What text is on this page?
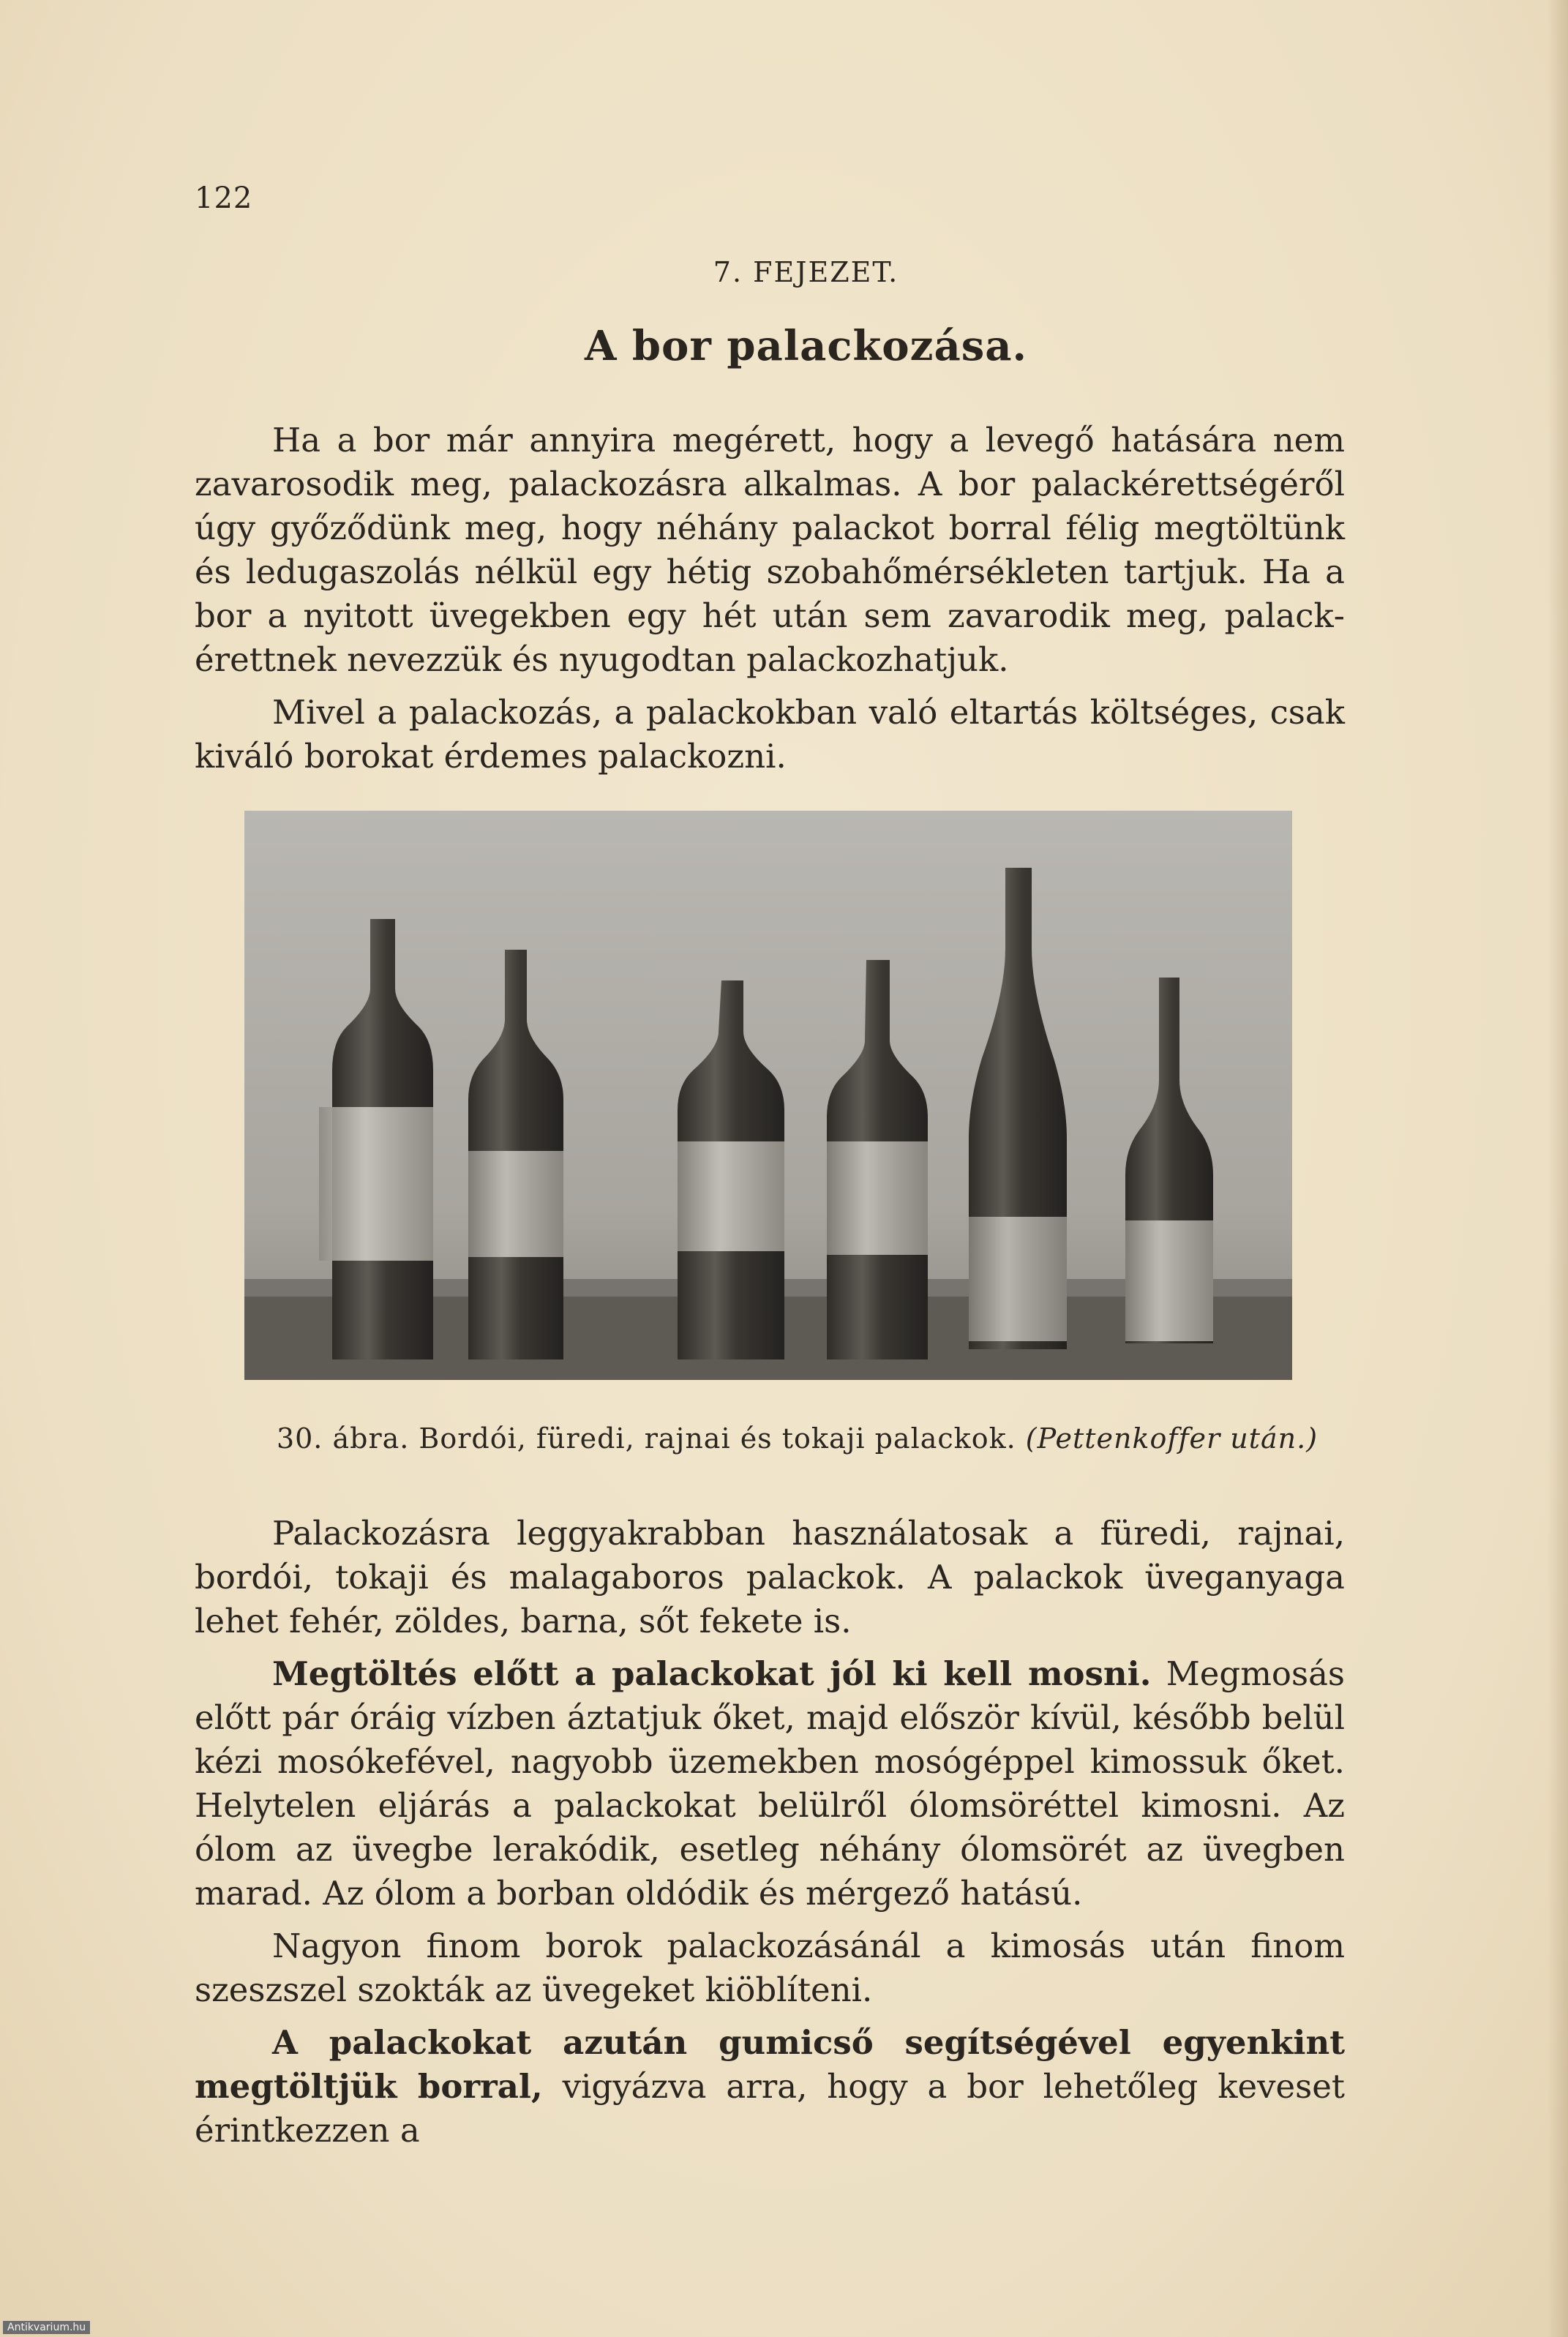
122
7. FEJEZET.
A bor palackozása.

Ha a bor már annyira megérett, hogy a levegő hatására nem zavarosodik meg, palackozásra alkalmas. A bor palackérettségéről úgy győződünk meg, hogy néhány palackot borral félig megtöltünk és ledugaszolás nélkül egy hétig szobahőmérsékleten tartjuk. Ha a bor a nyitott üvegekben egy hét után sem zavarodik meg, palackérettnek nevezzük és nyugodtan palackozhatjuk.

Mivel a palackozás, a palackokban való eltartás költséges, csak kiváló borokat érdemes palackozni.

30. ábra. Bordói, füredi, rajnai és tokaji palackok. (Pettenkoffer után.)

Palackozásra leggyakrabban használatosak a füredi, rajnai, bordói, tokaji és malagaboros palackok. A palackok üveganyaga lehet fehér, zöldes, barna, sőt fekete is.

Megtöltés előtt a palackokat jól ki kell mosni. Megmosás előtt pár óráig vízben áztatjuk őket, majd először kívül, később belül kézi mosókefével, nagyobb üzemekben mosógéppel kimossuk őket. Helytelen eljárás a palackokat belülről ólomsöréttel kimosni. Az ólom az üvegbe lerakódik, esetleg néhány ólomsörét az üvegben marad. Az ólom a borban oldódik és mérgező hatású.

Nagyon finom borok palackozásánál a kimosás után finom szeszszel szokták az üvegeket kiöblíteni.

A palackokat azután gumicső segítségével egyenkint megtöltjük borral, vigyázva arra, hogy a bor lehetőleg keveset érintkezzen a

Antikvarium.hu
